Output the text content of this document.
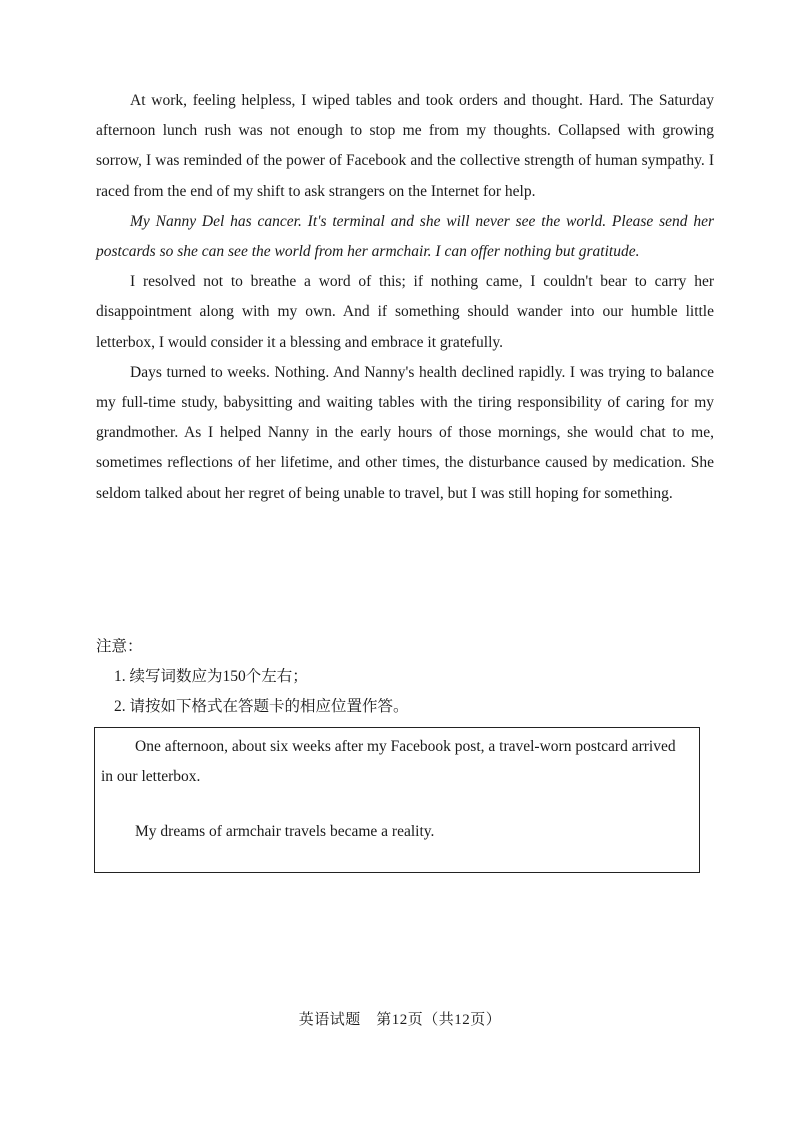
At work, feeling helpless, I wiped tables and took orders and thought. Hard. The Saturday afternoon lunch rush was not enough to stop me from my thoughts. Collapsed with growing sorrow, I was reminded of the power of Facebook and the collective strength of human sympathy. I raced from the end of my shift to ask strangers on the Internet for help.

My Nanny Del has cancer. It's terminal and she will never see the world. Please send her postcards so she can see the world from her armchair. I can offer nothing but gratitude.

I resolved not to breathe a word of this; if nothing came, I couldn't bear to carry her disappointment along with my own. And if something should wander into our humble little letterbox, I would consider it a blessing and embrace it gratefully.

Days turned to weeks. Nothing. And Nanny's health declined rapidly. I was trying to balance my full-time study, babysitting and waiting tables with the tiring responsibility of caring for my grandmother. As I helped Nanny in the early hours of those mornings, she would chat to me, sometimes reflections of her lifetime, and other times, the disturbance caused by medication. She seldom talked about her regret of being unable to travel, but I was still hoping for something.

注意：

1. 续写词数应为150个左右；

2. 请按如下格式在答题卡的相应位置作答。

One afternoon, about six weeks after my Facebook post, a travel-worn postcard arrived in our letterbox.

My dreams of armchair travels became a reality.

英语试题　第12页（共12页）
